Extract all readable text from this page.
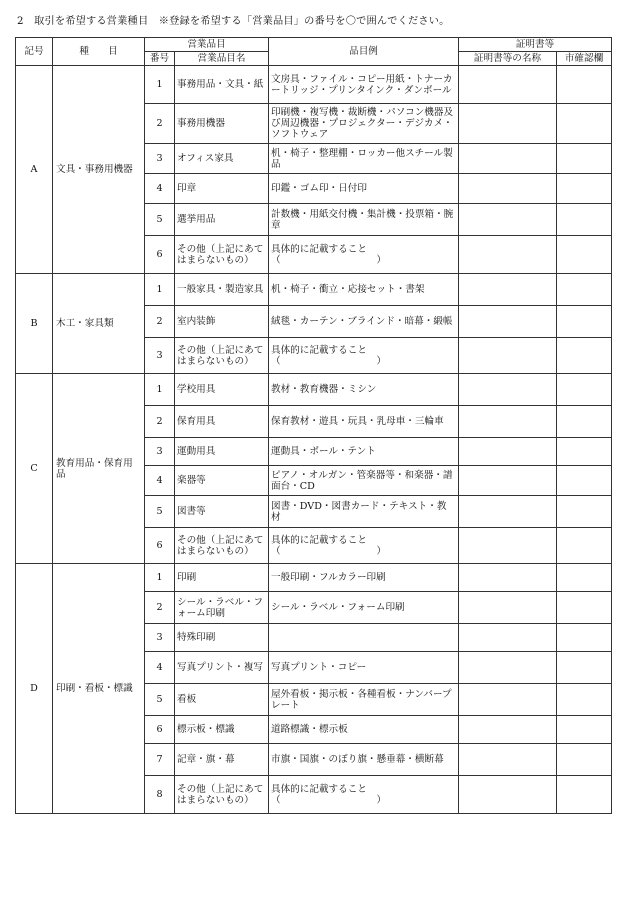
2　取引を希望する営業種目　※登録を希望する「営業品目」の番号を〇で囲んでください。
記号	種　　目	営業品目		品目例	証明書等	
		番号	営業品目名		証明書等の名称	市確認欄
A	文具・事務用機器	1	事務用品・文具・紙	文房具・ファイル・コピー用紙・トナーカートリッジ・プリンタインク・ダンボール		
		2	事務用機器	印刷機・複写機・裁断機・パソコン機器及び周辺機器・プロジェクター・デジカメ・ソフトウェア		
		3	オフィス家具	机・椅子・整理棚・ロッカー他スチール製品		
		4	印章	印鑑・ゴム印・日付印		
		5	選挙用品	計数機・用紙交付機・集計機・投票箱・腕章		
		6	その他（上記にあてはまらないもの）	具体的に記載すること
（　　　　　　　　　　）		
B	木工・家具類	1	一般家具・製造家具	机・椅子・衝立・応接セット・書架		
		2	室内装飾	絨毯・カーテン・ブラインド・暗幕・緞帳		
		3	その他（上記にあてはまらないもの）	具体的に記載すること
（　　　　　　　　　　）		
C	教育用品・保育用品	1	学校用具	教材・教育機器・ミシン		
		2	保育用具	保育教材・遊具・玩具・乳母車・三輪車		
		3	運動用具	運動具・ボール・テント		
		4	楽器等	ピアノ・オルガン・管楽器等・和楽器・譜面台・CD		
		5	図書等	図書・DVD・図書カード・テキスト・教材		
		6	その他（上記にあてはまらないもの）	具体的に記載すること
（　　　　　　　　　　）		
D	印刷・看板・標識	1	印刷	一般印刷・フルカラー印刷		
		2	シール・ラベル・フォーム印刷	シール・ラベル・フォーム印刷		
		3	特殊印刷			
		4	写真プリント・複写	写真プリント・コピー		
		5	看板	屋外看板・掲示板・各種看板・ナンバープレート		
		6	標示板・標識	道路標識・標示板		
		7	記章・旗・幕	市旗・国旗・のぼり旗・懸垂幕・横断幕		
		8	その他（上記にあてはまらないもの）	具体的に記載すること
（　　　　　　　　　　）		
